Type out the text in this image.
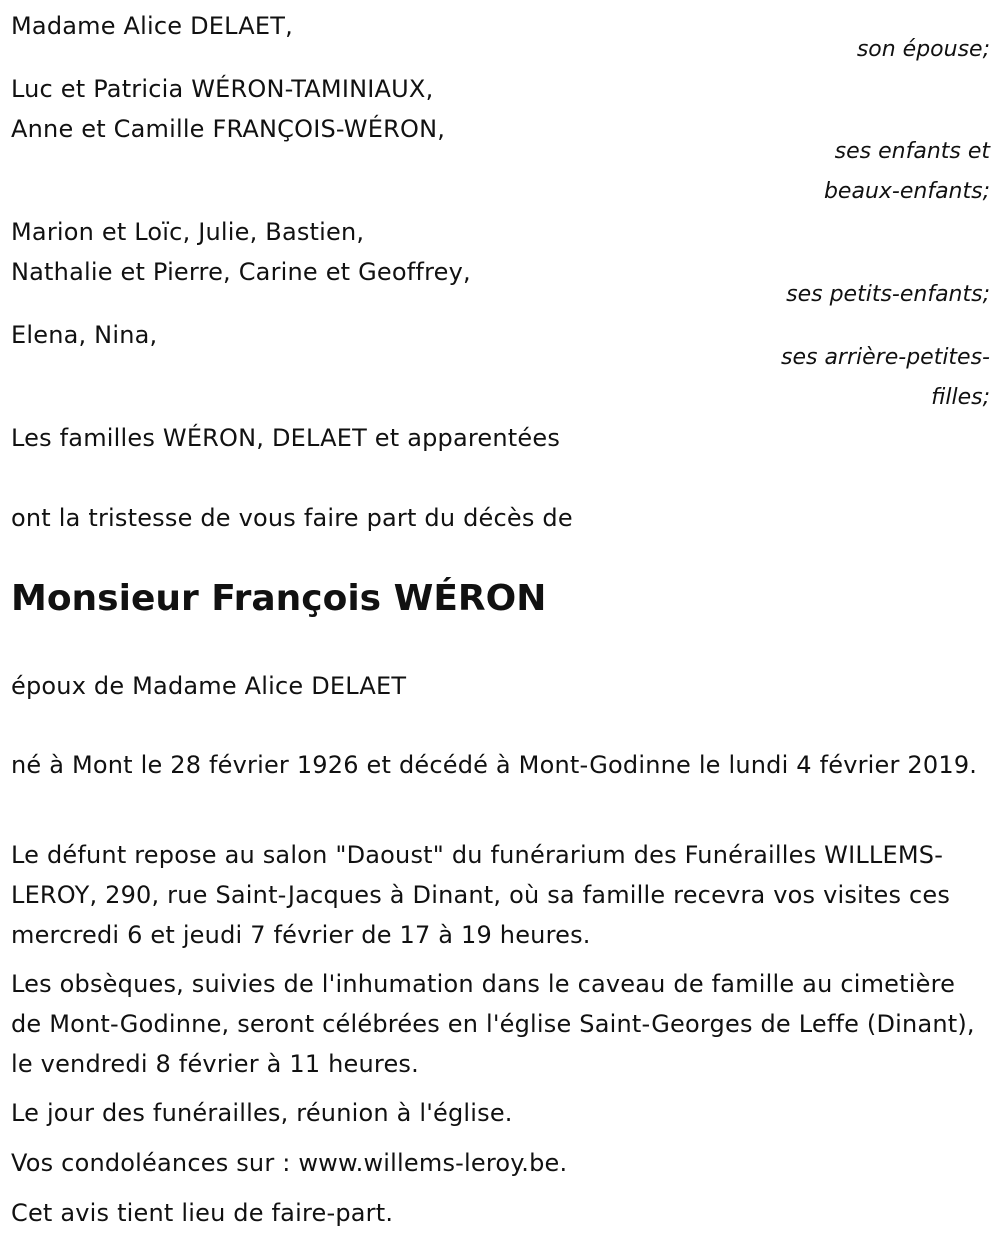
Madame Alice DELAET,
son épouse;
Luc et Patricia WÉRON-TAMINIAUX,
Anne et Camille FRANÇOIS-WÉRON,
ses enfants et
beaux-enfants;
Marion et Loïc, Julie, Bastien,
Nathalie et Pierre, Carine et Geoffrey,
ses petits-enfants;
Elena, Nina,
ses arrière-petites-
filles;
Les familles WÉRON, DELAET et apparentées
ont la tristesse de vous faire part du décès de
Monsieur François WÉRON
époux de Madame Alice DELAET
né à Mont le 28 février 1926 et décédé à Mont-Godinne le lundi 4 février 2019.
Le défunt repose au salon "Daoust" du funérarium des Funérailles WILLEMS-LEROY, 290, rue Saint-Jacques à Dinant, où sa famille recevra vos visites ces mercredi 6 et jeudi 7 février de 17 à 19 heures.
Les obsèques, suivies de l'inhumation dans le caveau de famille au cimetière de Mont-Godinne, seront célébrées en l'église Saint-Georges de Leffe (Dinant), le vendredi 8 février à 11 heures.
Le jour des funérailles, réunion à l'église.
Vos condoléances sur : www.willems-leroy.be.
Cet avis tient lieu de faire-part.
